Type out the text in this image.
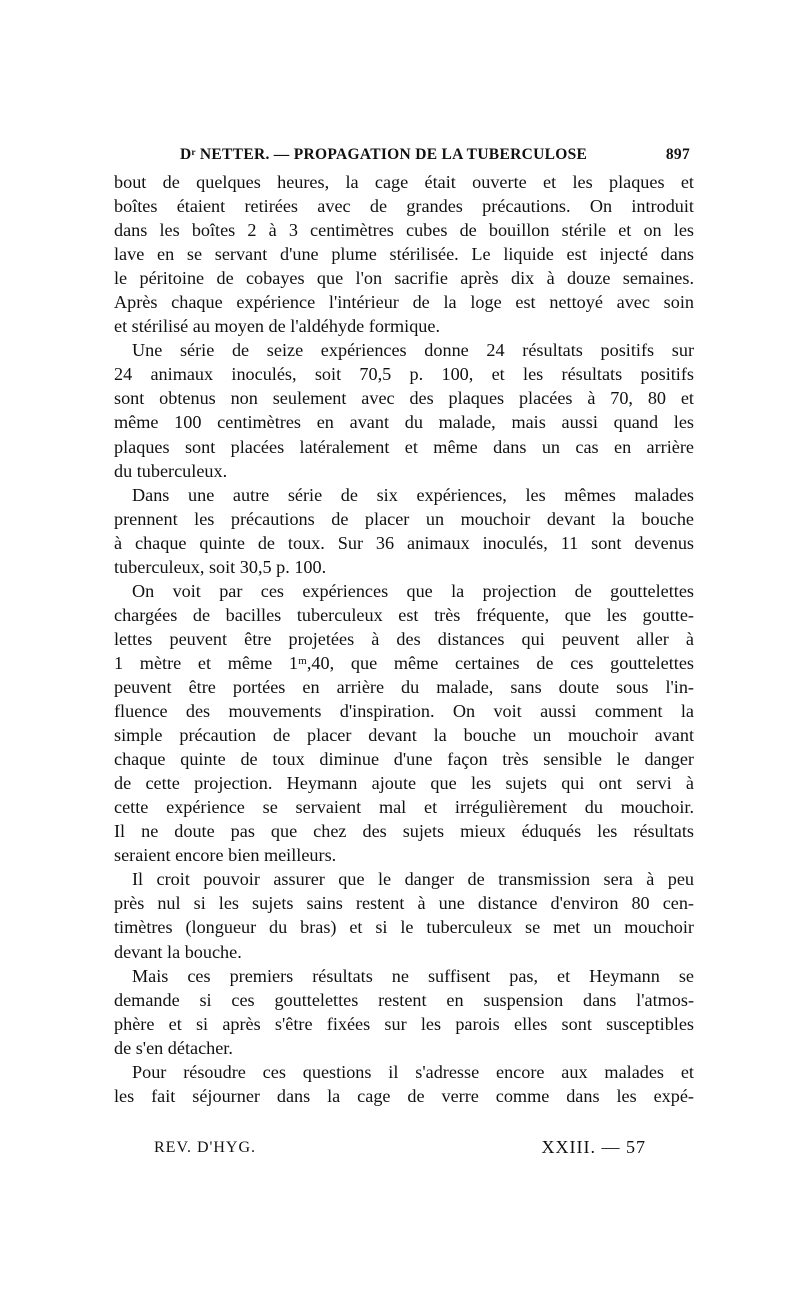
Dʳ NETTER. — PROPAGATION DE LA TUBERCULOSE	897
bout de quelques heures, la cage était ouverte et les plaques et
boîtes étaient retirées avec de grandes précautions. On introduit
dans les boîtes 2 à 3 centimètres cubes de bouillon stérile et on les
lave en se servant d'une plume stérilisée. Le liquide est injecté dans
le péritoine de cobayes que l'on sacrifie après dix à douze semaines.
Après chaque expérience l'intérieur de la loge est nettoyé avec soin
et stérilisé au moyen de l'aldéhyde formique.
Une série de seize expériences donne 24 résultats positifs sur
24 animaux inoculés, soit 70,5 p. 100, et les résultats positifs
sont obtenus non seulement avec des plaques placées à 70, 80 et
même 100 centimètres en avant du malade, mais aussi quand les
plaques sont placées latéralement et même dans un cas en arrière
du tuberculeux.
Dans une autre série de six expériences, les mêmes malades
prennent les précautions de placer un mouchoir devant la bouche
à chaque quinte de toux. Sur 36 animaux inoculés, 11 sont devenus
tuberculeux, soit 30,5 p. 100.
On voit par ces expériences que la projection de gouttelettes
chargées de bacilles tuberculeux est très fréquente, que les goutte-
lettes peuvent être projetées à des distances qui peuvent aller à
1 mètre et même 1ᵐ,40, que même certaines de ces gouttelettes
peuvent être portées en arrière du malade, sans doute sous l'in-
fluence des mouvements d'inspiration. On voit aussi comment la
simple précaution de placer devant la bouche un mouchoir avant
chaque quinte de toux diminue d'une façon très sensible le danger
de cette projection. Heymann ajoute que les sujets qui ont servi à
cette expérience se servaient mal et irrégulièrement du mouchoir.
Il ne doute pas que chez des sujets mieux éduqués les résultats
seraient encore bien meilleurs.
Il croit pouvoir assurer que le danger de transmission sera à peu
près nul si les sujets sains restent à une distance d'environ 80 cen-
timètres (longueur du bras) et si le tuberculeux se met un mouchoir
devant la bouche.
Mais ces premiers résultats ne suffisent pas, et Heymann se
demande si ces gouttelettes restent en suspension dans l'atmos-
phère et si après s'être fixées sur les parois elles sont susceptibles
de s'en détacher.
Pour résoudre ces questions il s'adresse encore aux malades et
les fait séjourner dans la cage de verre comme dans les expé-
REV. D'HYG.	XXIII. — 57
